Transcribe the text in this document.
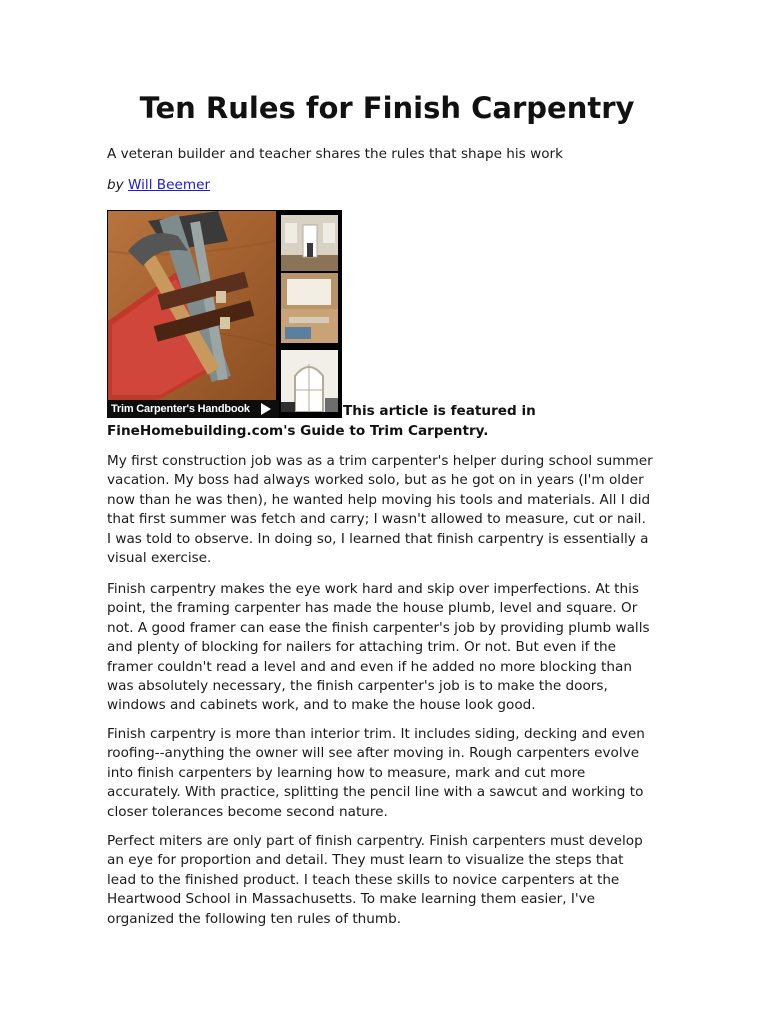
Ten Rules for Finish Carpentry

A veteran builder and teacher shares the rules that shape his work

by Will Beemer

Trim Carpenter's Handbook	This article is featured in
FineHomebuilding.com's Guide to Trim Carpentry.

My first construction job was as a trim carpenter's helper during school summer
vacation. My boss had always worked solo, but as he got on in years (I'm older
now than he was then), he wanted help moving his tools and materials. All I did
that first summer was fetch and carry; I wasn't allowed to measure, cut or nail.
I was told to observe. In doing so, I learned that finish carpentry is essentially a
visual exercise.

Finish carpentry makes the eye work hard and skip over imperfections. At this
point, the framing carpenter has made the house plumb, level and square. Or
not. A good framer can ease the finish carpenter's job by providing plumb walls
and plenty of blocking for nailers for attaching trim. Or not. But even if the
framer couldn't read a level and and even if he added no more blocking than
was absolutely necessary, the finish carpenter's job is to make the doors,
windows and cabinets work, and to make the house look good.

Finish carpentry is more than interior trim. It includes siding, decking and even
roofing--anything the owner will see after moving in. Rough carpenters evolve
into finish carpenters by learning how to measure, mark and cut more
accurately. With practice, splitting the pencil line with a sawcut and working to
closer tolerances become second nature.

Perfect miters are only part of finish carpentry. Finish carpenters must develop
an eye for proportion and detail. They must learn to visualize the steps that
lead to the finished product. I teach these skills to novice carpenters at the
Heartwood School in Massachusetts. To make learning them easier, I've
organized the following ten rules of thumb.
